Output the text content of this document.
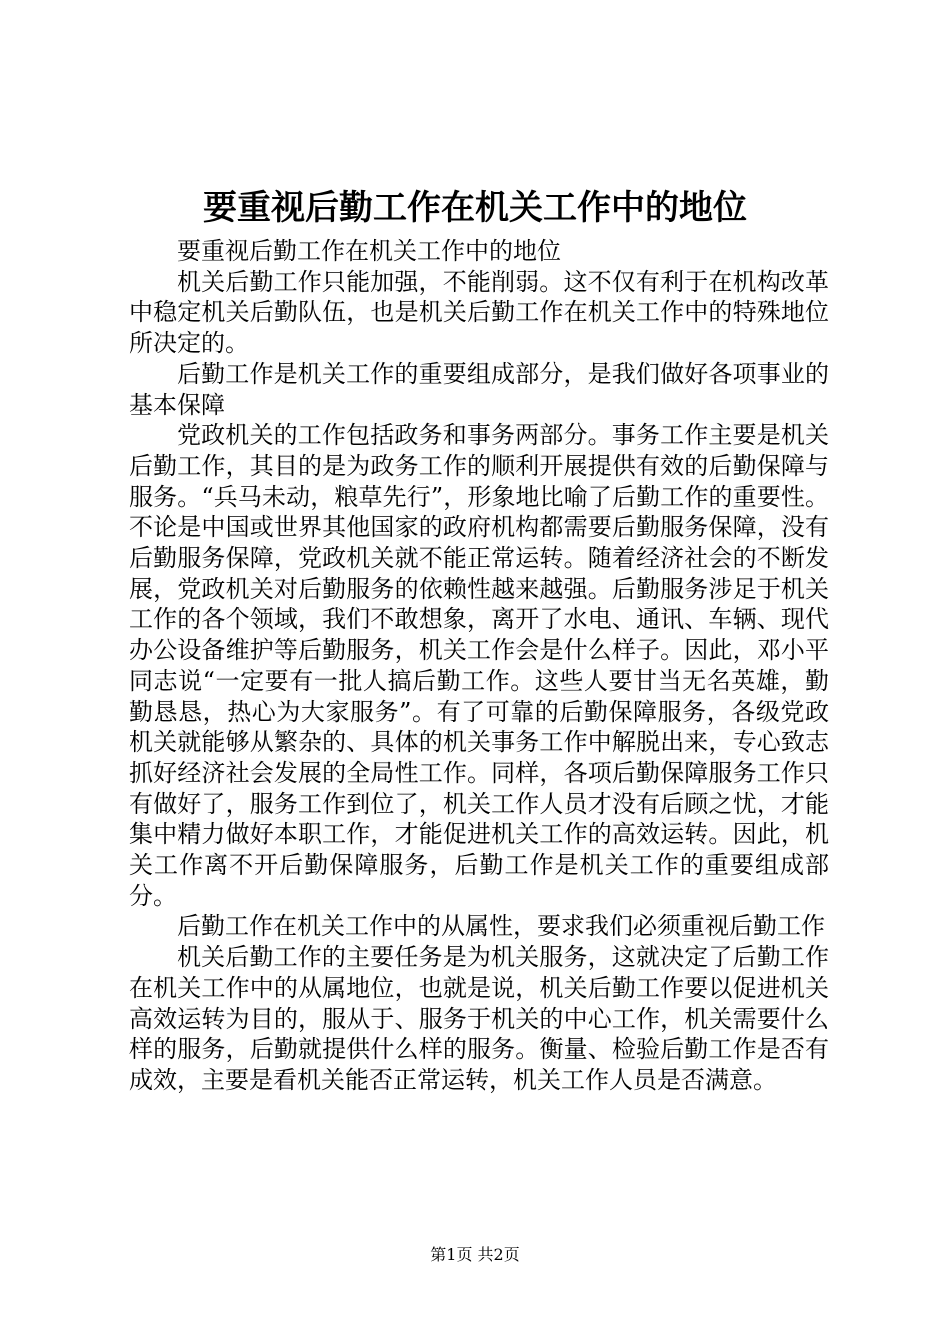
要重视后勤工作在机关工作中的地位

要重视后勤工作在机关工作中的地位

机关后勤工作只能加强，不能削弱。这不仅有利于在机构改革中稳定机关后勤队伍，也是机关后勤工作在机关工作中的特殊地位所决定的。

后勤工作是机关工作的重要组成部分，是我们做好各项事业的基本保障

党政机关的工作包括政务和事务两部分。事务工作主要是机关后勤工作，其目的是为政务工作的顺利开展提供有效的后勤保障与服务。“兵马未动，粮草先行”，形象地比喻了后勤工作的重要性。不论是中国或世界其他国家的政府机构都需要后勤服务保障，没有后勤服务保障，党政机关就不能正常运转。随着经济社会的不断发展，党政机关对后勤服务的依赖性越来越强。后勤服务涉足于机关工作的各个领域，我们不敢想象，离开了水电、通讯、车辆、现代办公设备维护等后勤服务，机关工作会是什么样子。因此，邓小平同志说“一定要有一批人搞后勤工作。这些人要甘当无名英雄，勤勤恳恳，热心为大家服务”。有了可靠的后勤保障服务，各级党政机关就能够从繁杂的、具体的机关事务工作中解脱出来，专心致志抓好经济社会发展的全局性工作。同样，各项后勤保障服务工作只有做好了，服务工作到位了，机关工作人员才没有后顾之忧，才能集中精力做好本职工作，才能促进机关工作的高效运转。因此，机关工作离不开后勤保障服务，后勤工作是机关工作的重要组成部分。

后勤工作在机关工作中的从属性，要求我们必须重视后勤工作

机关后勤工作的主要任务是为机关服务，这就决定了后勤工作在机关工作中的从属地位，也就是说，机关后勤工作要以促进机关高效运转为目的，服从于、服务于机关的中心工作，机关需要什么样的服务，后勤就提供什么样的服务。衡量、检验后勤工作是否有成效，主要是看机关能否正常运转，机关工作人员是否满意。

第1页 共2页
